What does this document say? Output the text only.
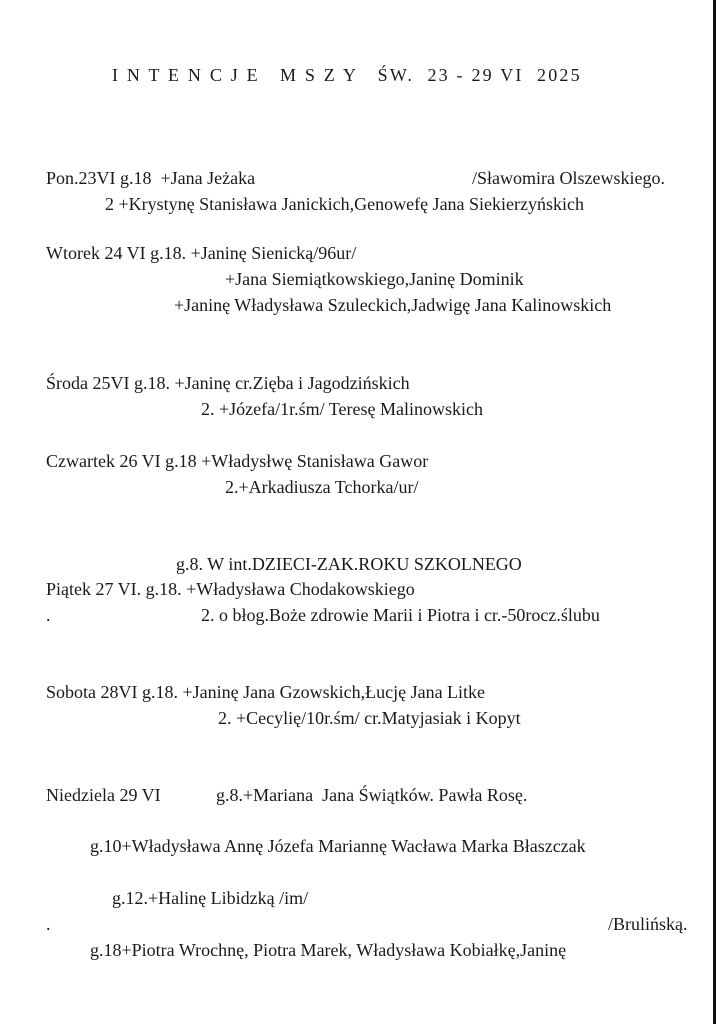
I N T E N C J E   M S Z Y   ŚW.  23 - 29 VI  2025
Pon.23VI g.18  +Jana Jeżaka	/Sławomira Olszewskiego.
2 +Krystynę Stanisława Janickich,Genowefę Jana Siekierzyńskich
Wtorek 24 VI g.18. +Janinę Sienicką/96ur/
+Jana Siemiątkowskiego,Janinę Dominik
+Janinę Władysława Szuleckich,Jadwigę Jana Kalinowskich
Środa 25VI g.18. +Janinę cr.Zięba i Jagodzińskich
2. +Józefa/1r.śm/ Teresę Malinowskich
Czwartek 26 VI g.18 +Władysłwę Stanisława Gawor
2.+Arkadiusza Tchorka/ur/
g.8. W int.DZIECI-ZAK.ROKU SZKOLNEGO
Piątek 27 VI. g.18. +Władysława Chodakowskiego
.	2. o błog.Boże zdrowie Marii i Piotra i cr.-50rocz.ślubu
Sobota 28VI g.18. +Janinę Jana Gzowskich,Łucję Jana Litke
2. +Cecylię/10r.śm/ cr.Matyjasiak i Kopyt
Niedziela 29 VI	g.8.+Mariana  Jana Świątków. Pawła Rosę.
g.10+Władysława Annę Józefa Mariannę Wacława Marka Błaszczak
g.12.+Halinę Libidzką /im/
.	/Brulińską.
g.18+Piotra Wrochnę, Piotra Marek, Władysława Kobiałkę,Janinę
